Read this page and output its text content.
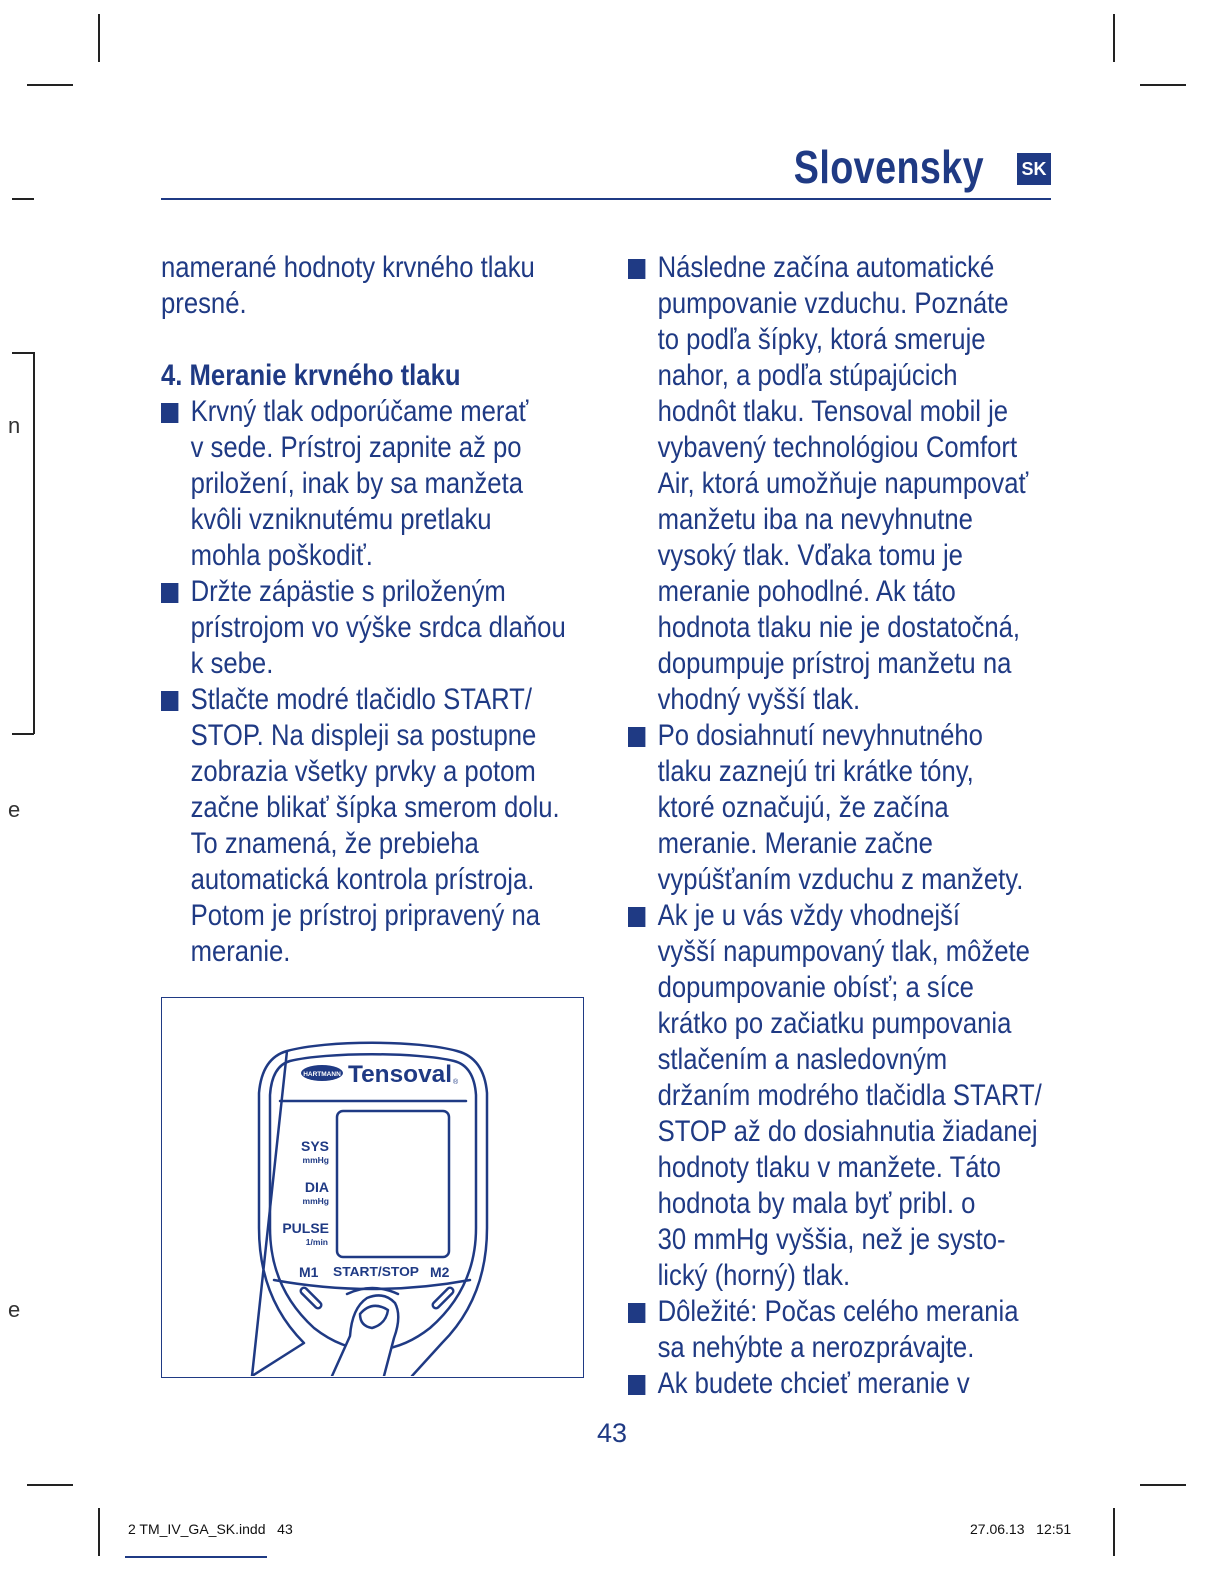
n
e
e
Slovensky SK
namerané hodnoty krvného tlaku
presné.
4. Meranie krvného tlaku
Krvný tlak odporúčame merať
v sede. Prístroj zapnite až po
priložení, inak by sa manžeta
kvôli vzniknutému pretlaku
mohla poškodiť.
Držte zápästie s priloženým
prístrojom vo výške srdca dlaňou
k sebe.
Stlačte modré tlačidlo START/
STOP. Na displeji sa postupne
zobrazia všetky prvky a potom
začne blikať šípka smerom dolu.
To znamená, že prebieha
automatická kontrola prístroja.
Potom je prístroj pripravený na
meranie.
HARTMANN Tensoval ®
SYS
mmHg
DIA
mmHg
PULSE
1/min
M1 START/STOP M2
Následne začína automatické
pumpovanie vzduchu. Poznáte
to podľa šípky, ktorá smeruje
nahor, a podľa stúpajúcich
hodnôt tlaku. Tensoval mobil je
vybavený technológiou Comfort
Air, ktorá umožňuje napumpovať
manžetu iba na nevyhnutne
vysoký tlak. Vďaka tomu je
meranie pohodlné. Ak táto
hodnota tlaku nie je dostatočná,
dopumpuje prístroj manžetu na
vhodný vyšší tlak.
Po dosiahnutí nevyhnutného
tlaku zaznejú tri krátke tóny,
ktoré označujú, že začína
meranie. Meranie začne
vypúšťaním vzduchu z manžety.
Ak je u vás vždy vhodnejší
vyšší napumpovaný tlak, môžete
dopumpovanie obísť; a síce
krátko po začiatku pumpovania
stlačením a nasledovným
držaním modrého tlačidla START/
STOP až do dosiahnutia žiadanej
hodnoty tlaku v manžete. Táto
hodnota by mala byť pribl. o
30 mmHg vyššia, než je systo-
lický (horný) tlak.
Dôležité: Počas celého merania
sa nehýbte a nerozprávajte.
Ak budete chcieť meranie v
43
2 TM_IV_GA_SK.indd   43	27.06.13   12:51
